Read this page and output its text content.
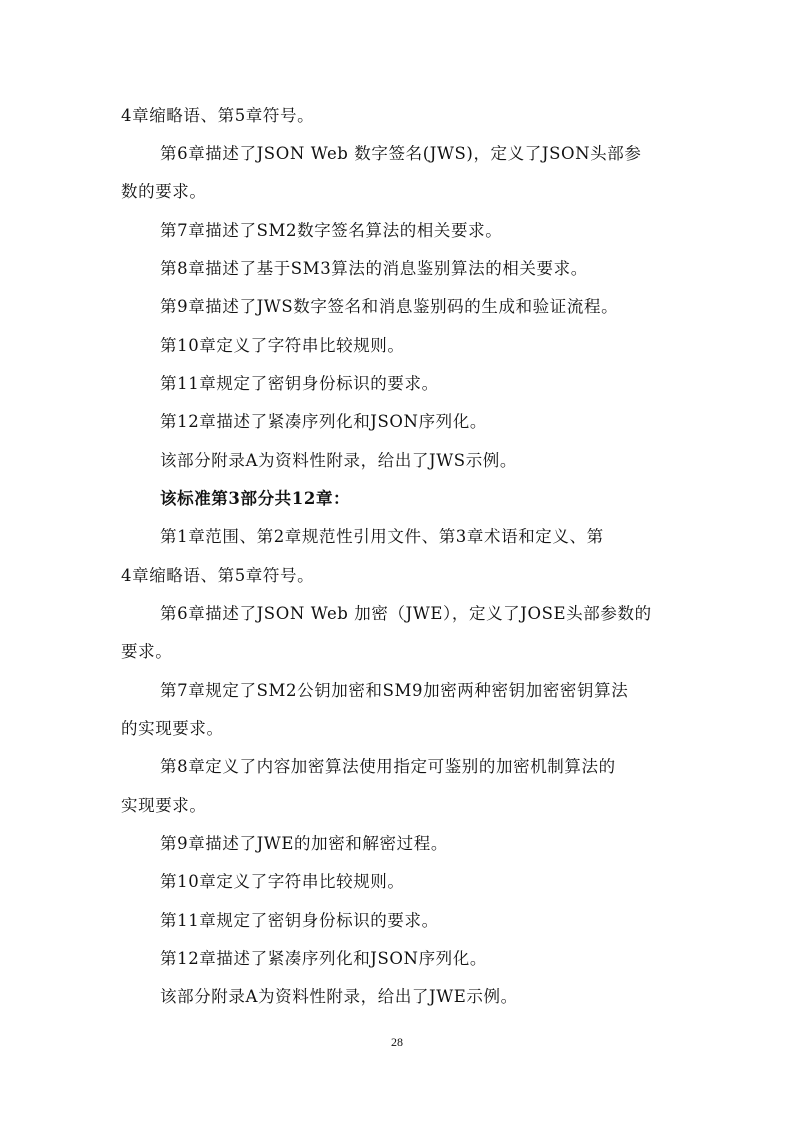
4章缩略语、第5章符号。

第6章描述了JSON Web 数字签名(JWS)，定义了JSON头部参

数的要求。

第7章描述了SM2数字签名算法的相关要求。

第8章描述了基于SM3算法的消息鉴别算法的相关要求。

第9章描述了JWS数字签名和消息鉴别码的生成和验证流程。

第10章定义了字符串比较规则。

第11章规定了密钥身份标识的要求。

第12章描述了紧凑序列化和JSON序列化。

该部分附录A为资料性附录，给出了JWS示例。

该标准第3部分共12章：

第1章范围、第2章规范性引用文件、第3章术语和定义、第

4章缩略语、第5章符号。

第6章描述了JSON Web 加密（JWE），定义了JOSE头部参数的

要求。

第7章规定了SM2公钥加密和SM9加密两种密钥加密密钥算法

的实现要求。

第8章定义了内容加密算法使用指定可鉴别的加密机制算法的

实现要求。

第9章描述了JWE的加密和解密过程。

第10章定义了字符串比较规则。

第11章规定了密钥身份标识的要求。

第12章描述了紧凑序列化和JSON序列化。

该部分附录A为资料性附录，给出了JWE示例。

28
